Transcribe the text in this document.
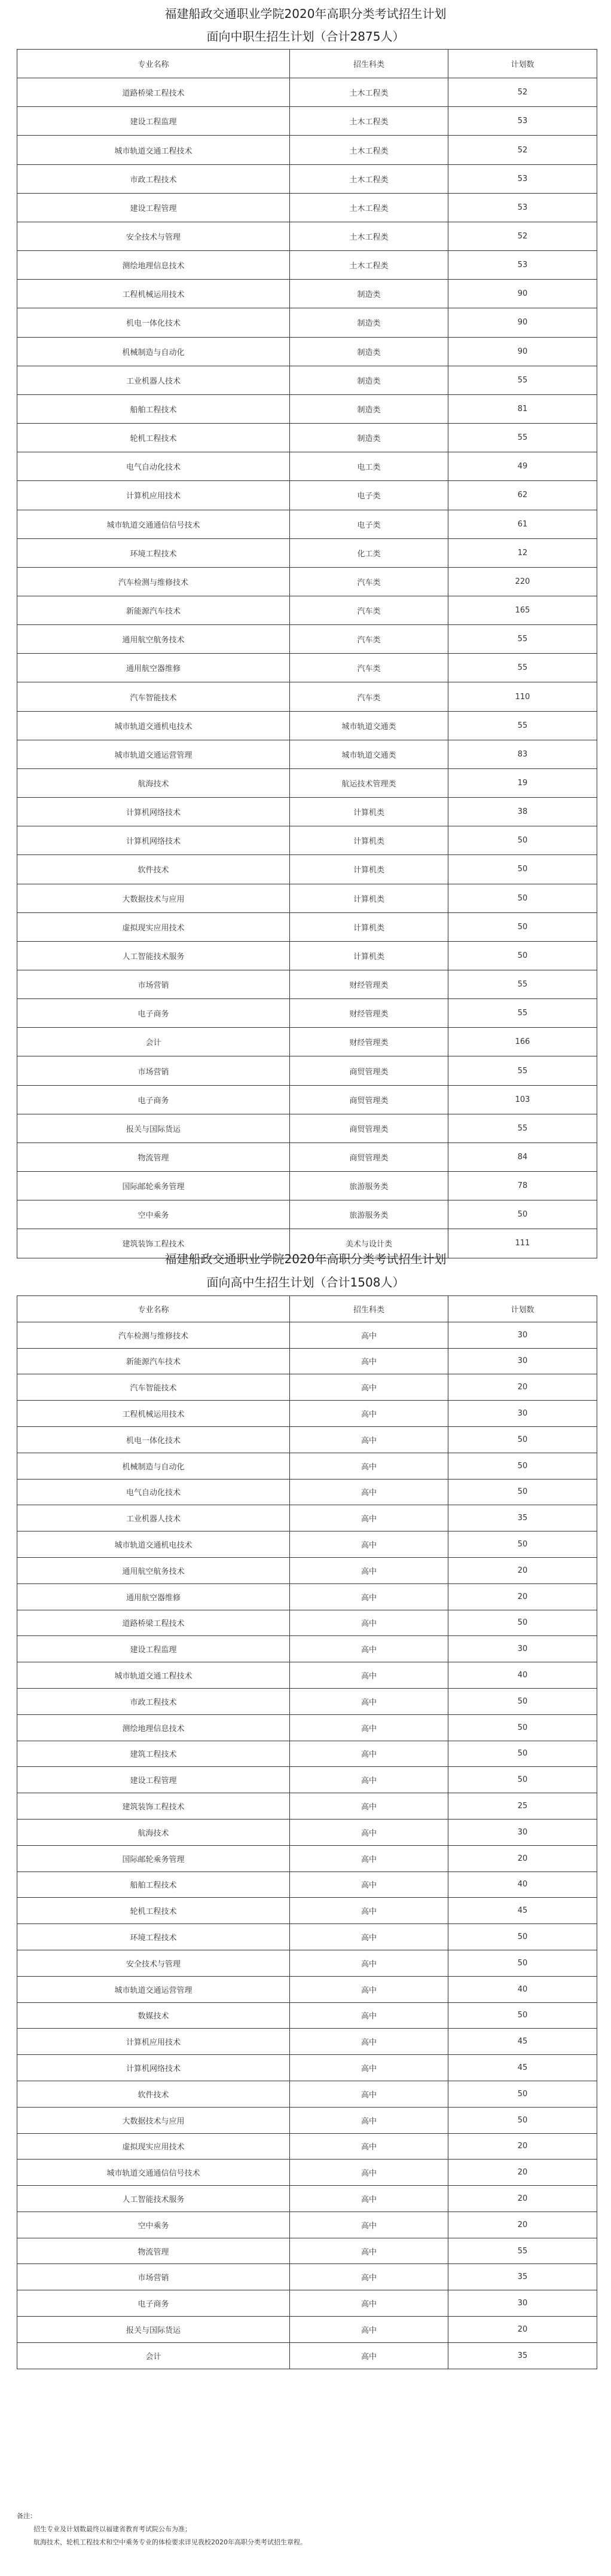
福建船政交通职业学院2020年高职分类考试招生计划
面向中职生招生计划（合计2875人）
专业名称	招生科类	计划数
道路桥梁工程技术	土木工程类	52
建设工程监理	土木工程类	53
城市轨道交通工程技术	土木工程类	52
市政工程技术	土木工程类	53
建设工程管理	土木工程类	53
安全技术与管理	土木工程类	52
测绘地理信息技术	土木工程类	53
工程机械运用技术	制造类	90
机电一体化技术	制造类	90
机械制造与自动化	制造类	90
工业机器人技术	制造类	55
船舶工程技术	制造类	81
轮机工程技术	制造类	55
电气自动化技术	电工类	49
计算机应用技术	电子类	62
城市轨道交通通信信号技术	电子类	61
环境工程技术	化工类	12
汽车检测与维修技术	汽车类	220
新能源汽车技术	汽车类	165
通用航空航务技术	汽车类	55
通用航空器维修	汽车类	55
汽车智能技术	汽车类	110
城市轨道交通机电技术	城市轨道交通类	55
城市轨道交通运营管理	城市轨道交通类	83
航海技术	航运技术管理类	19
计算机网络技术	计算机类	38
计算机网络技术	计算机类	50
软件技术	计算机类	50
大数据技术与应用	计算机类	50
虚拟现实应用技术	计算机类	50
人工智能技术服务	计算机类	50
市场营销	财经管理类	55
电子商务	财经管理类	55
会计	财经管理类	166
市场营销	商贸管理类	55
电子商务	商贸管理类	103
报关与国际货运	商贸管理类	55
物流管理	商贸管理类	84
国际邮轮乘务管理	旅游服务类	78
空中乘务	旅游服务类	50
建筑装饰工程技术	美术与设计类	111
福建船政交通职业学院2020年高职分类考试招生计划
面向高中生招生计划（合计1508人）
专业名称	招生科类	计划数
汽车检测与维修技术	高中	30
新能源汽车技术	高中	30
汽车智能技术	高中	20
工程机械运用技术	高中	30
机电一体化技术	高中	50
机械制造与自动化	高中	50
电气自动化技术	高中	50
工业机器人技术	高中	35
城市轨道交通机电技术	高中	50
通用航空航务技术	高中	20
通用航空器维修	高中	20
道路桥梁工程技术	高中	50
建设工程监理	高中	30
城市轨道交通工程技术	高中	40
市政工程技术	高中	50
测绘地理信息技术	高中	50
建筑工程技术	高中	50
建设工程管理	高中	50
建筑装饰工程技术	高中	25
航海技术	高中	30
国际邮轮乘务管理	高中	20
船舶工程技术	高中	40
轮机工程技术	高中	45
环境工程技术	高中	50
安全技术与管理	高中	50
城市轨道交通运营管理	高中	40
数媒技术	高中	50
计算机应用技术	高中	45
计算机网络技术	高中	45
软件技术	高中	50
大数据技术与应用	高中	50
虚拟现实应用技术	高中	20
城市轨道交通通信信号技术	高中	20
人工智能技术服务	高中	20
空中乘务	高中	20
物流管理	高中	55
市场营销	高中	35
电子商务	高中	30
报关与国际货运	高中	20
会计	高中	35
备注：
招生专业及计划数最终以福建省教育考试院公布为准；
航海技术、轮机工程技术和空中乘务专业的体检要求详见我校2020年高职分类考试招生章程。
